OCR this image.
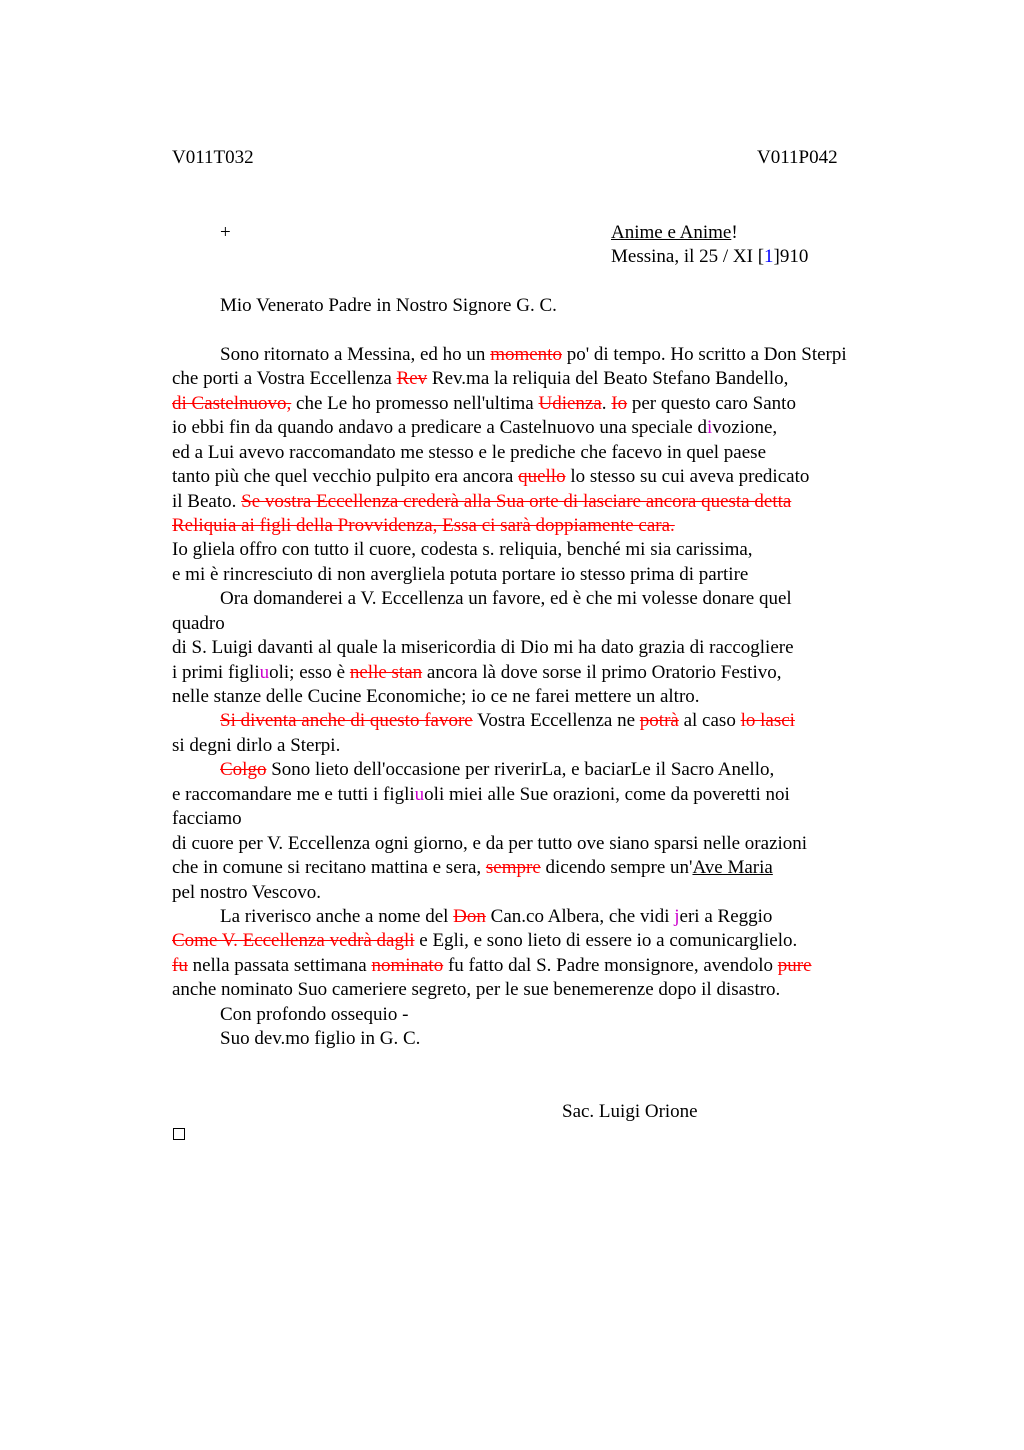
V011T032	V011P042
+	Anime e Anime!
Messina, il 25 / XI [1]910
Mio Venerato Padre in Nostro Signore G. C.
Sono ritornato a Messina, ed ho un momento po' di tempo. Ho scritto a Don Sterpi
che porti a Vostra Eccellenza Rev Rev.ma la reliquia del Beato Stefano Bandello,
di Castelnuovo, che Le ho promesso nell'ultima Udienza. Io per questo caro Santo
io ebbi fin da quando andavo a predicare a Castelnuovo una speciale divozione,
ed a Lui avevo raccomandato me stesso e le prediche che facevo in quel paese
tanto più che quel vecchio pulpito era ancora quello lo stesso su cui aveva predicato
il Beato. Se vostra Eccellenza crederà alla Sua orte di lasciare ancora questa detta
Reliquia ai figli della Provvidenza, Essa ci sarà doppiamente cara.
Io gliela offro con tutto il cuore, codesta s. reliquia, benché mi sia carissima,
e mi è rincresciuto di non avergliela potuta portare io stesso prima di partire
Ora domanderei a V. Eccellenza un favore, ed è che mi volesse donare quel
quadro
di S. Luigi davanti al quale la misericordia di Dio mi ha dato grazia di raccogliere
i primi figliuoli; esso è nelle stan ancora là dove sorse il primo Oratorio Festivo,
nelle stanze delle Cucine Economiche; io ce ne farei mettere un altro.
Si diventa anche di questo favore Vostra Eccellenza ne potrà al caso lo lasci
si degni dirlo a Sterpi.
Colgo Sono lieto dell'occasione per riverirLa, e baciarLe il Sacro Anello,
e raccomandare me e tutti i figliuoli miei alle Sue orazioni, come da poveretti noi
facciamo
di cuore per V. Eccellenza ogni giorno, e da per tutto ove siano sparsi nelle orazioni
che in comune si recitano mattina e sera, sempre dicendo sempre un'Ave Maria
pel nostro Vescovo.
La riverisco anche a nome del Don Can.co Albera, che vidi jeri a Reggio
Come V. Eccellenza vedrà dagli e Egli, e sono lieto di essere io a comunicarglielo.
fu nella passata settimana nominato fu fatto dal S. Padre monsignore, avendolo pure
anche nominato Suo cameriere segreto, per le sue benemerenze dopo il disastro.
Con profondo ossequio -
Suo dev.mo figlio in G. C.
Sac. Luigi Orione
